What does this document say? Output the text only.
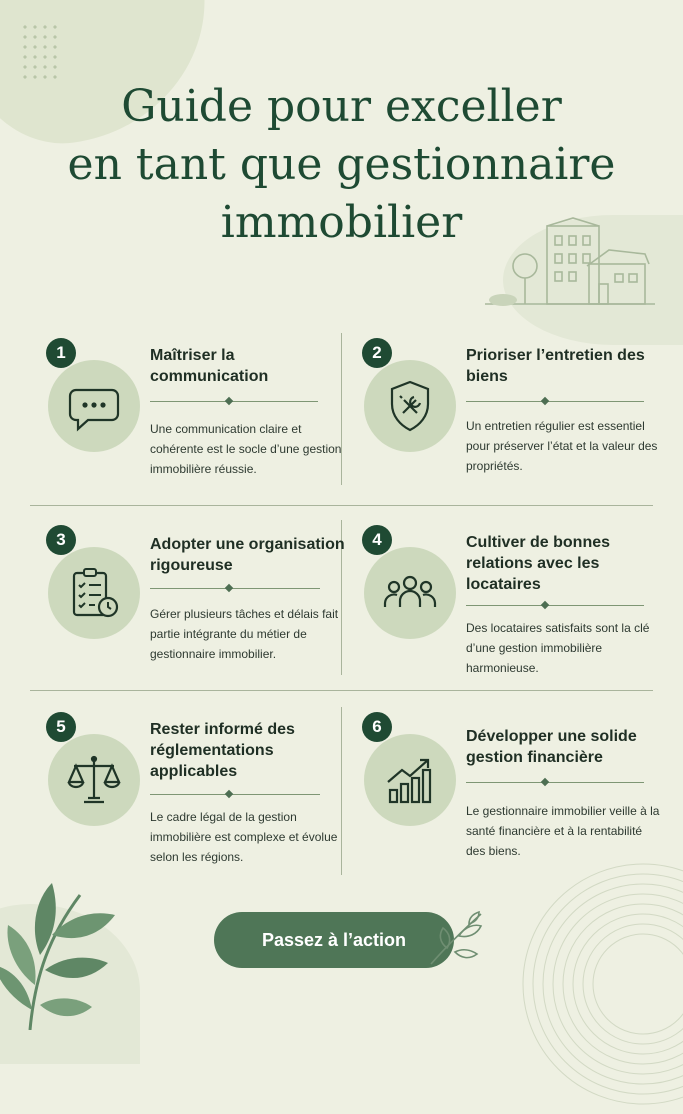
Guide pour exceller
en tant que gestionnaire
immobilier
1	Maîtriser la communication

Une communication claire et cohérente est le socle d’une gestion immobilière réussie.

2	Prioriser l’entretien des biens

Un entretien régulier est essentiel pour préserver l’état et la valeur des propriétés.

3	Adopter une organisation rigoureuse

Gérer plusieurs tâches et délais fait partie intégrante du métier de gestionnaire immobilier.

4	Cultiver de bonnes relations avec les locataires

Des locataires satisfaits sont la clé d’une gestion immobilière harmonieuse.

5	Rester informé des réglementations applicables

Le cadre légal de la gestion immobilière est complexe et évolue selon les régions.

6
Développer une solide gestion financière

Le gestionnaire immobilier veille à la santé financière et à la rentabilité des biens.

Passez à l’action
